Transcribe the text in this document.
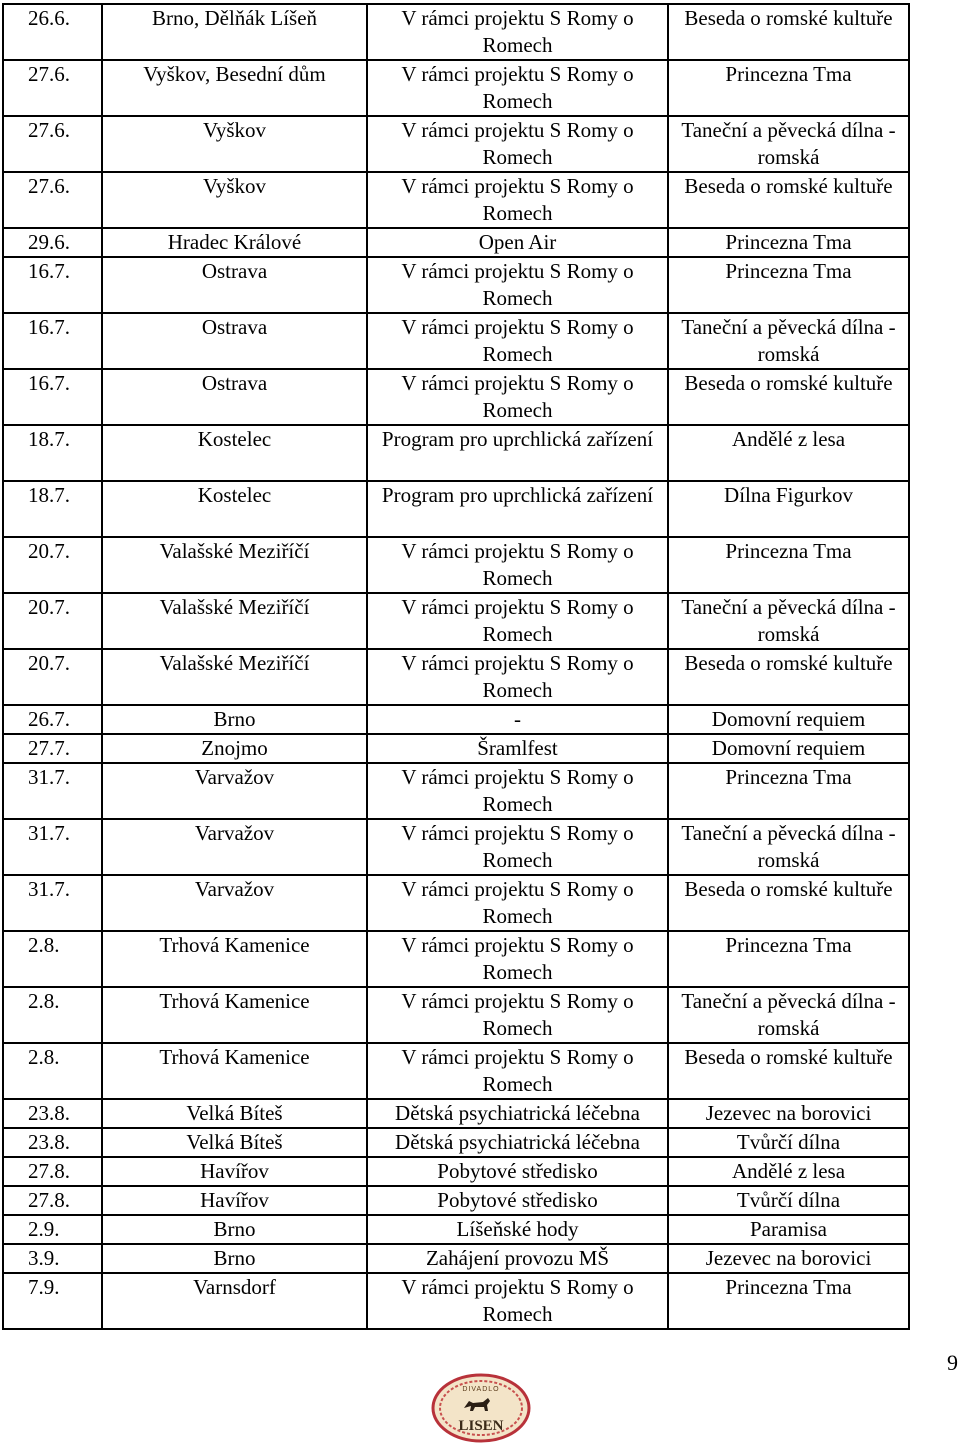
26.6.	Brno, Dělňák Líšeň	V rámci projektu S Romy o Romech	Beseda o romské kultuře
27.6.	Vyškov, Besední dům	V rámci projektu S Romy o Romech	Princezna Tma
27.6.	Vyškov	V rámci projektu S Romy o Romech	Taneční a pěvecká dílna - romská
27.6.	Vyškov	V rámci projektu S Romy o Romech	Beseda o romské kultuře
29.6.	Hradec Králové	Open Air	Princezna Tma
16.7.	Ostrava	V rámci projektu S Romy o Romech	Princezna Tma
16.7.	Ostrava	V rámci projektu S Romy o Romech	Taneční a pěvecká dílna - romská
16.7.	Ostrava	V rámci projektu S Romy o Romech	Beseda o romské kultuře
18.7.	Kostelec	Program pro uprchlická zařízení	Andělé z lesa
18.7.	Kostelec	Program pro uprchlická zařízení	Dílna Figurkov
20.7.	Valašské Meziříčí	V rámci projektu S Romy o Romech	Princezna Tma
20.7.	Valašské Meziříčí	V rámci projektu S Romy o Romech	Taneční a pěvecká dílna - romská
20.7.	Valašské Meziříčí	V rámci projektu S Romy o Romech	Beseda o romské kultuře
26.7.	Brno	-	Domovní requiem
27.7.	Znojmo	Šramlfest	Domovní requiem
31.7.	Varvažov	V rámci projektu S Romy o Romech	Princezna Tma
31.7.	Varvažov	V rámci projektu S Romy o Romech	Taneční a pěvecká dílna - romská
31.7.	Varvažov	V rámci projektu S Romy o Romech	Beseda o romské kultuře
2.8.	Trhová Kamenice	V rámci projektu S Romy o Romech	Princezna Tma
2.8.	Trhová Kamenice	V rámci projektu S Romy o Romech	Taneční a pěvecká dílna - romská
2.8.	Trhová Kamenice	V rámci projektu S Romy o Romech	Beseda o romské kultuře
23.8.	Velká Bíteš	Dětská psychiatrická léčebna	Jezevec na borovici
23.8.	Velká Bíteš	Dětská psychiatrická léčebna	Tvůrčí dílna
27.8.	Havířov	Pobytové středisko	Andělé z lesa
27.8.	Havířov	Pobytové středisko	Tvůrčí dílna
2.9.	Brno	Líšeňské hody	Paramisa
3.9.	Brno	Zahájení provozu MŠ	Jezevec na borovici
7.9.	Varnsdorf	V rámci projektu S Romy o Romech	Princezna Tma
9
DIVADLO
LISEN
